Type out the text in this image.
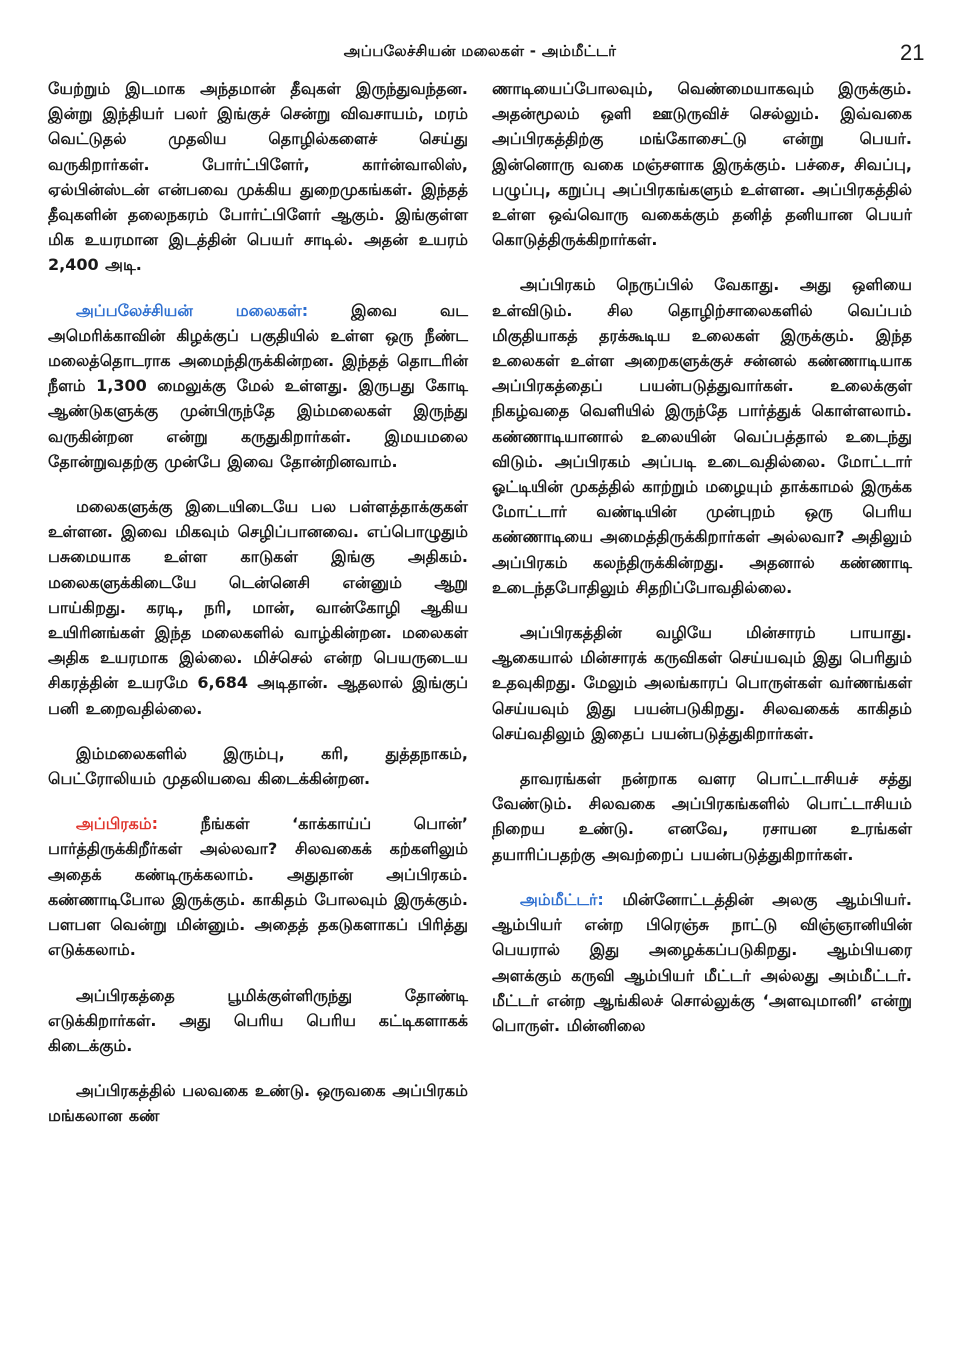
அப்பலேச்சியன் மலைகள் - அம்மீட்டர்	21

யேற்றும் இடமாக அந்தமான் தீவுகள் இருந்துவந்தன. இன்று இந்தியர் பலர் இங்குச் சென்று விவசாயம், மரம் வெட்டுதல் முதலிய தொழில்களைச் செய்து வருகிறார்கள். போர்ட்பிளேர், கார்ன்வாலிஸ், ஏல்பின்ஸ்டன் என்பவை முக்கிய துறைமுகங்கள். இந்தத் தீவுகளின் தலைநகரம் போர்ட்பிளேர் ஆகும். இங்குள்ள மிக உயரமான இடத்தின் பெயர் சாடில். அதன் உயரம் 2,400 அடி.

அப்பலேச்சியன் மலைகள்: இவை வட அமெரிக்காவின் கிழக்குப் பகுதியில் உள்ள ஒரு நீண்ட மலைத்தொடராக அமைந்திருக்கின்றன. இந்தத் தொடரின் நீளம் 1,300 மைலுக்கு மேல் உள்ளது. இருபது கோடி ஆண்டுகளுக்கு முன்பிருந்தே இம்மலைகள் இருந்து வருகின்றன என்று கருதுகிறார்கள். இமயமலை தோன்றுவதற்கு முன்பே இவை தோன்றினவாம்.

மலைகளுக்கு இடையிடையே பல பள்ளத்தாக்குகள் உள்ளன. இவை மிகவும் செழிப்பானவை. எப்பொழுதும் பசுமையாக உள்ள காடுகள் இங்கு அதிகம். மலைகளுக்கிடையே டென்னெசி என்னும் ஆறு பாய்கிறது. கரடி, நரி, மான், வான்கோழி ஆகிய உயிரினங்கள் இந்த மலைகளில் வாழ்கின்றன. மலைகள் அதிக உயரமாக இல்லை. மிச்செல் என்ற பெயருடைய சிகரத்தின் உயரமே 6,684 அடிதான். ஆதலால் இங்குப் பனி உறைவதில்லை.

இம்மலைகளில் இரும்பு, கரி, துத்தநாகம், பெட்ரோலியம் முதலியவை கிடைக்கின்றன.

அப்பிரகம்: நீங்கள் ‘காக்காய்ப் பொன்’ பார்த்திருக்கிறீர்கள் அல்லவா? சிலவகைக் கற்களிலும் அதைக் கண்டிருக்கலாம். அதுதான் அப்பிரகம். கண்ணாடிபோல இருக்கும். காகிதம் போலவும் இருக்கும். பளபள வென்று மின்னும். அதைத் தகடுகளாகப் பிரித்து எடுக்கலாம்.

அப்பிரகத்தை பூமிக்குள்ளிருந்து தோண்டி எடுக்கிறார்கள். அது பெரிய பெரிய கட்டிகளாகக் கிடைக்கும்.

அப்பிரகத்தில் பலவகை உண்டு. ஒருவகை அப்பிரகம் மங்கலான கண்

ணாடியைப்போலவும், வெண்மையாகவும் இருக்கும். அதன்மூலம் ஒளி ஊடுருவிச் செல்லும். இவ்வகை அப்பிரகத்திற்கு மங்கோசைட்டு என்று பெயர். இன்னொரு வகை மஞ்சளாக இருக்கும். பச்சை, சிவப்பு, பழுப்பு, கறுப்பு அப்பிரகங்களும் உள்ளன. அப்பிரகத்தில் உள்ள ஒவ்வொரு வகைக்கும் தனித் தனியான பெயர் கொடுத்திருக்கிறார்கள்.

அப்பிரகம் நெருப்பில் வேகாது. அது ஒளியை உள்விடும். சில தொழிற்சாலைகளில் வெப்பம் மிகுதியாகத் தரக்கூடிய உலைகள் இருக்கும். இந்த உலைகள் உள்ள அறைகளுக்குச் சன்னல் கண்ணாடியாக அப்பிரகத்தைப் பயன்படுத்துவார்கள். உலைக்குள் நிகழ்வதை வெளியில் இருந்தே பார்த்துக் கொள்ளலாம். கண்ணாடியானால் உலையின் வெப்பத்தால் உடைந்து விடும். அப்பிரகம் அப்படி உடைவதில்லை. மோட்டார் ஓட்டியின் முகத்தில் காற்றும் மழையும் தாக்காமல் இருக்க மோட்டார் வண்டியின் முன்புறம் ஒரு பெரிய கண்ணாடியை அமைத்திருக்கிறார்கள் அல்லவா? அதிலும் அப்பிரகம் கலந்திருக்கின்றது. அதனால் கண்ணாடி உடைந்தபோதிலும் சிதறிப்போவதில்லை.

அப்பிரகத்தின் வழியே மின்சாரம் பாயாது. ஆகையால் மின்சாரக் கருவிகள் செய்யவும் இது பெரிதும் உதவுகிறது. மேலும் அலங்காரப் பொருள்கள் வர்ணங்கள் செய்யவும் இது பயன்படுகிறது. சிலவகைக் காகிதம் செய்வதிலும் இதைப் பயன்படுத்துகிறார்கள்.

தாவரங்கள் நன்றாக வளர பொட்டாசியச் சத்து வேண்டும். சிலவகை அப்பிரகங்களில் பொட்டாசியம் நிறைய உண்டு. எனவே, ரசாயன உரங்கள் தயாரிப்பதற்கு அவற்றைப் பயன்படுத்துகிறார்கள்.

அம்மீட்டர்: மின்னோட்டத்தின் அலகு ஆம்பியர். ஆம்பியர் என்ற பிரெஞ்சு நாட்டு விஞ்ஞானியின் பெயரால் இது அழைக்கப்படுகிறது. ஆம்பியரை அளக்கும் கருவி ஆம்பியர் மீட்டர் அல்லது அம்மீட்டர். மீட்டர் என்ற ஆங்கிலச் சொல்லுக்கு ‘அளவுமானி’ என்று பொருள். மின்னிலை
